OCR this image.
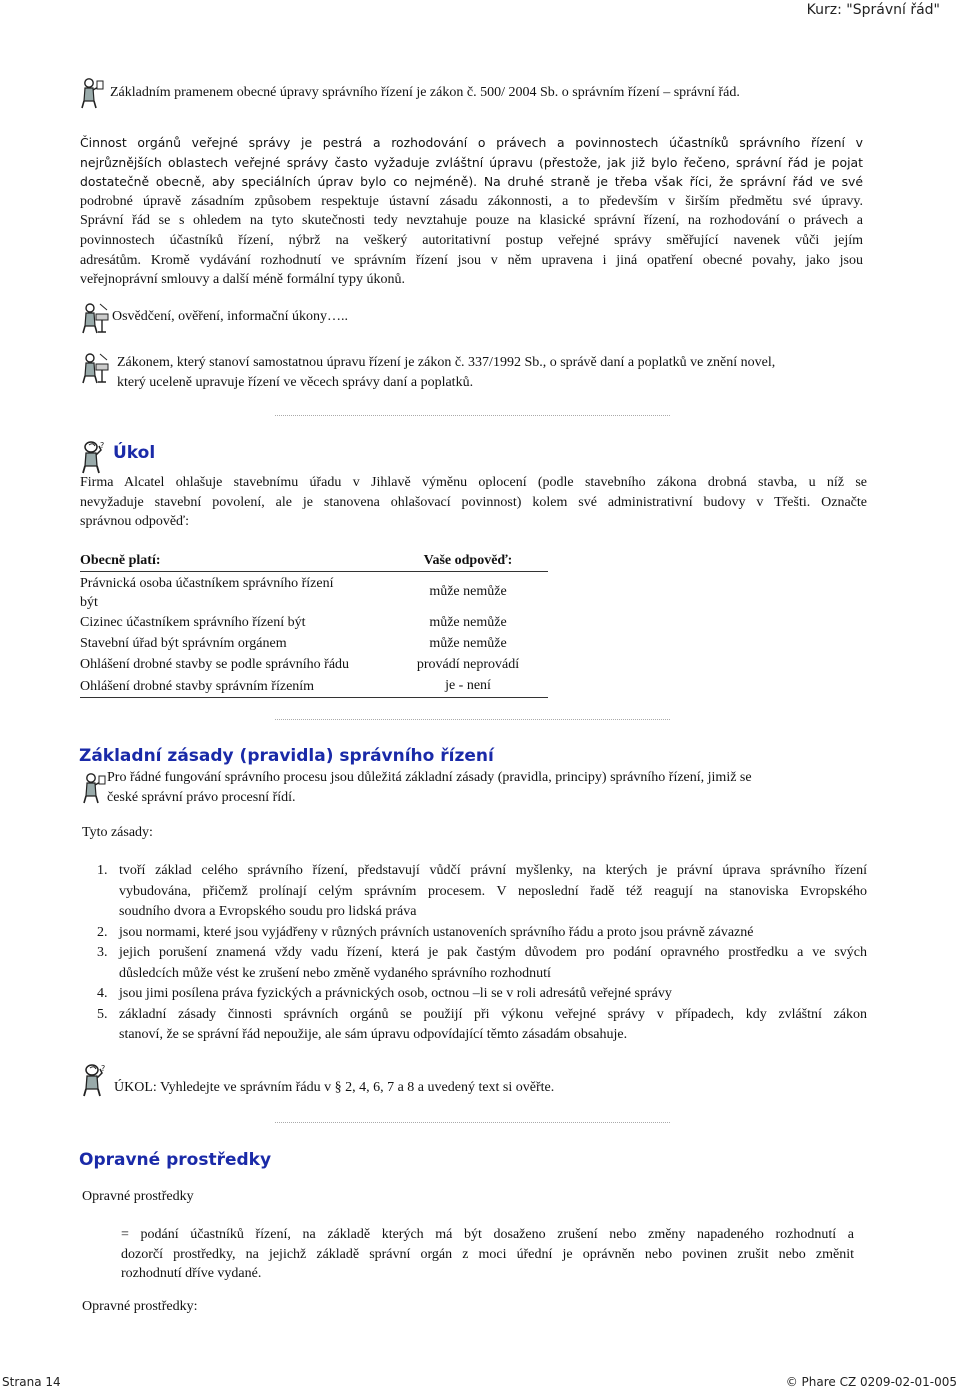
Kurz: "Správní řád"
Základním pramenem obecné úpravy správního řízení je zákon č. 500/ 2004 Sb. o správním řízení – správní řád.
Činnost orgánů veřejné správy je pestrá a rozhodování o právech a povinnostech účastníků správního řízení v
nejrůznějších oblastech veřejné správy často vyžaduje zvláštní úpravu (přestože, jak již bylo řečeno, správní řád je pojat
dostatečně obecně, aby speciálních úprav bylo co nejméně). Na druhé straně je třeba však říci, že správní řád ve své
podrobné úpravě zásadním způsobem respektuje ústavní zásadu zákonnosti, a to především v širším předmětu své úpravy.
Správní řád se s ohledem na tyto skutečnosti tedy nevztahuje pouze na klasické správní řízení, na rozhodování o právech a
povinnostech účastníků řízení, nýbrž na veškerý autoritativní postup veřejné správy směřující navenek vůči jejím
adresátům. Kromě vydávání rozhodnutí ve správním řízení jsou v něm upravena i jiná opatření obecné povahy, jako jsou
veřejnoprávní smlouvy a další méně formální typy úkonů.
Osvědčení, ověření, informační úkony…..
Zákonem, který stanoví samostatnou úpravu řízení je zákon č. 337/1992 Sb., o správě daní a poplatků ve znění novel,
který uceleně upravuje řízení ve věcech správy daní a poplatků.
? Úkol
Firma Alcatel ohlašuje stavebnímu úřadu v Jihlavě výměnu oplocení (podle stavebního zákona drobná stavba, u níž se
nevyžaduje stavební povolení, ale je stanovena ohlašovací povinnost) kolem své administrativní budovy v Třešti. Označte
správnou odpověď:
Obecně platí:	Vaše odpověď:

Právnická osoba účastníkem správního řízení
být	může nemůže

Cizinec účastníkem správního řízení být	může nemůže

Stavební úřad být správním orgánem	může nemůže

Ohlášení drobné stavby se podle správního řádu	provádí neprovádí

Ohlášení drobné stavby správním řízením	je - není
Základní zásady (pravidla) správního řízení
Pro řádné fungování správního procesu jsou důležitá základní zásady (pravidla, principy) správního řízení, jimiž se
české správní právo procesní řídí.
Tyto zásady:
1. tvoří základ celého správního řízení, představují vůdčí právní myšlenky, na kterých je právní úprava správního řízení
vybudována, přičemž prolínají celým správním procesem. V neposlední řadě též reagují na stanoviska Evropského
soudního dvora a Evropského soudu pro lidská práva
2. jsou normami, které jsou vyjádřeny v různých právních ustanoveních správního řádu a proto jsou právně závazné
3. jejich porušení znamená vždy vadu řízení, která je pak častým důvodem pro podání opravného prostředku a ve svých
důsledcích může vést ke zrušení nebo změně vydaného správního rozhodnutí
4. jsou jimi posílena práva fyzických a právnických osob, octnou –li se v roli adresátů veřejné správy
5. základní zásady činnosti správních orgánů se použijí při výkonu veřejné správy v případech, kdy zvláštní zákon
stanoví, že se správní řád nepoužije, ale sám úpravu odpovídající těmto zásadám obsahuje.
?
ÚKOL: Vyhledejte ve správním řádu v § 2, 4, 6, 7 a 8 a uvedený text si ověřte.
Opravné prostředky
Opravné prostředky
= podání účastníků řízení, na základě kterých má být dosaženo zrušení nebo změny napadeného rozhodnutí a
dozorčí prostředky, na jejichž základě správní orgán z moci úřední je oprávněn nebo povinen zrušit nebo změnit
rozhodnutí dříve vydané.
Opravné prostředky:
Strana 14	© Phare CZ 0209-02-01-005
